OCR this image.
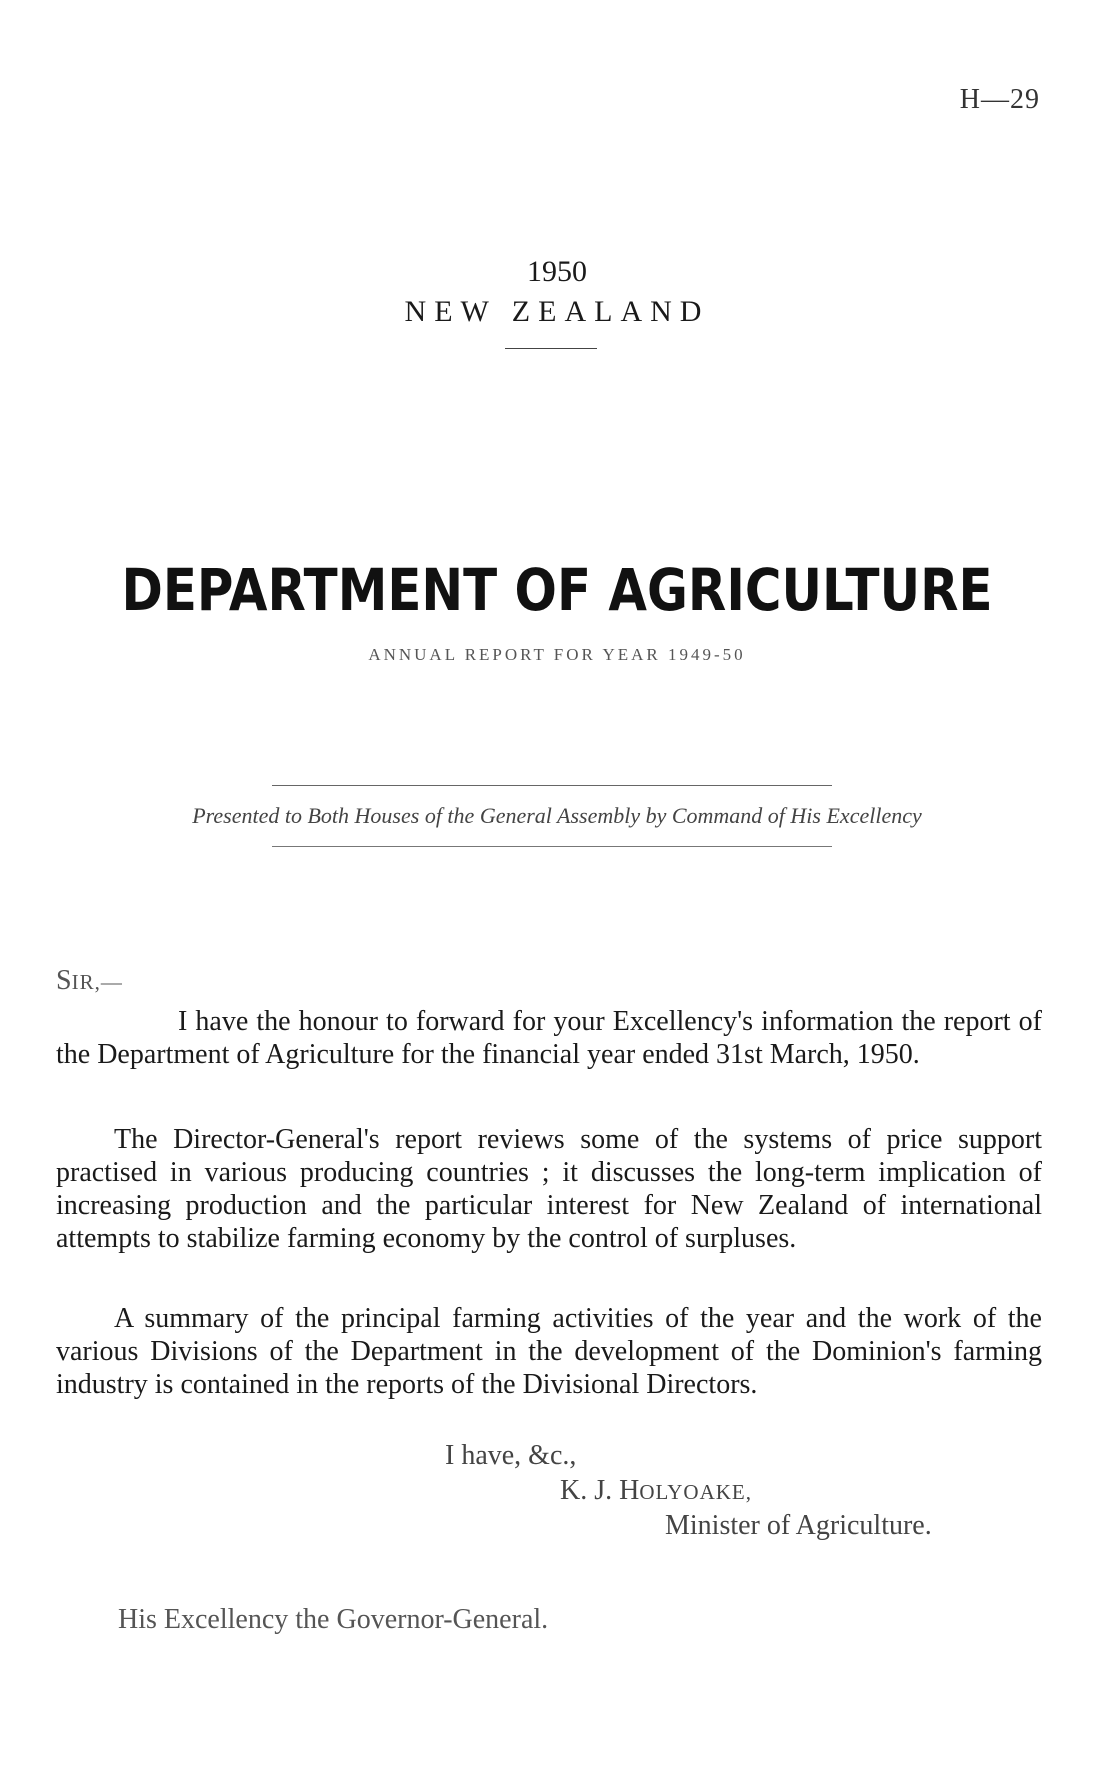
H—29
1950
NEW ZEALAND
DEPARTMENT OF AGRICULTURE
ANNUAL REPORT FOR YEAR 1949-50
Presented to Both Houses of the General Assembly by Command of His Excellency
SIR,—

I have the honour to forward for your Excellency's information the report of the Department of Agriculture for the financial year ended 31st March, 1950.

The Director-General's report reviews some of the systems of price support practised in various producing countries ; it discusses the long-term implication of increasing production and the particular interest for New Zealand of international attempts to stabilize farming economy by the control of surpluses.

A summary of the principal farming activities of the year and the work of the various Divisions of the Department in the development of the Dominion's farming industry is contained in the reports of the Divisional Directors.

I have, &c.,
K. J. HOLYOAKE,
Minister of Agriculture.
His Excellency the Governor-General.
